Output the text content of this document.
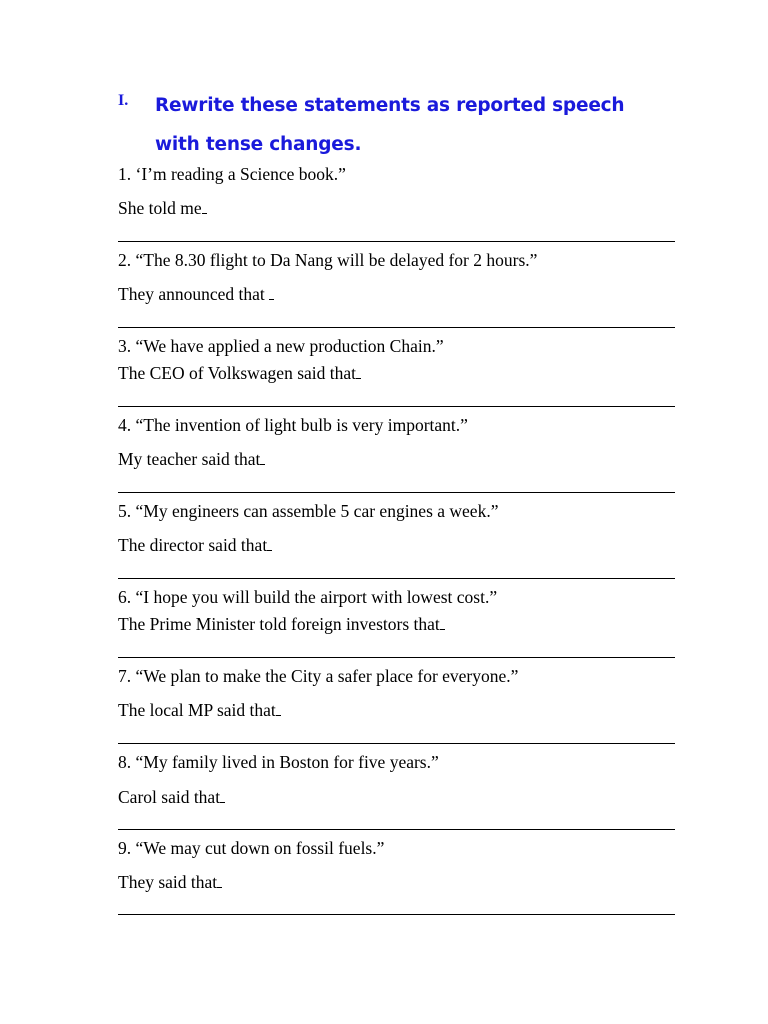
I. Rewrite these statements as reported speech with tense changes.
1. ‘I’m reading a Science book.”
She told me
2. “The 8.30 flight to Da Nang will be delayed for 2 hours.”
They announced that
3. “We have applied a new production Chain.”
The CEO of Volkswagen said that
4. “The invention of light bulb is very important.”
My teacher said that
5. “My engineers can assemble 5 car engines a week.”
The director said that
6. “I hope you will build the airport with lowest cost.”
The Prime Minister told foreign investors that
7. “We plan to make the City a safer place for everyone.”
The local MP said that
8. “My family lived in Boston for five years.”
Carol said that
9. “We may cut down on fossil fuels.”
They said that
